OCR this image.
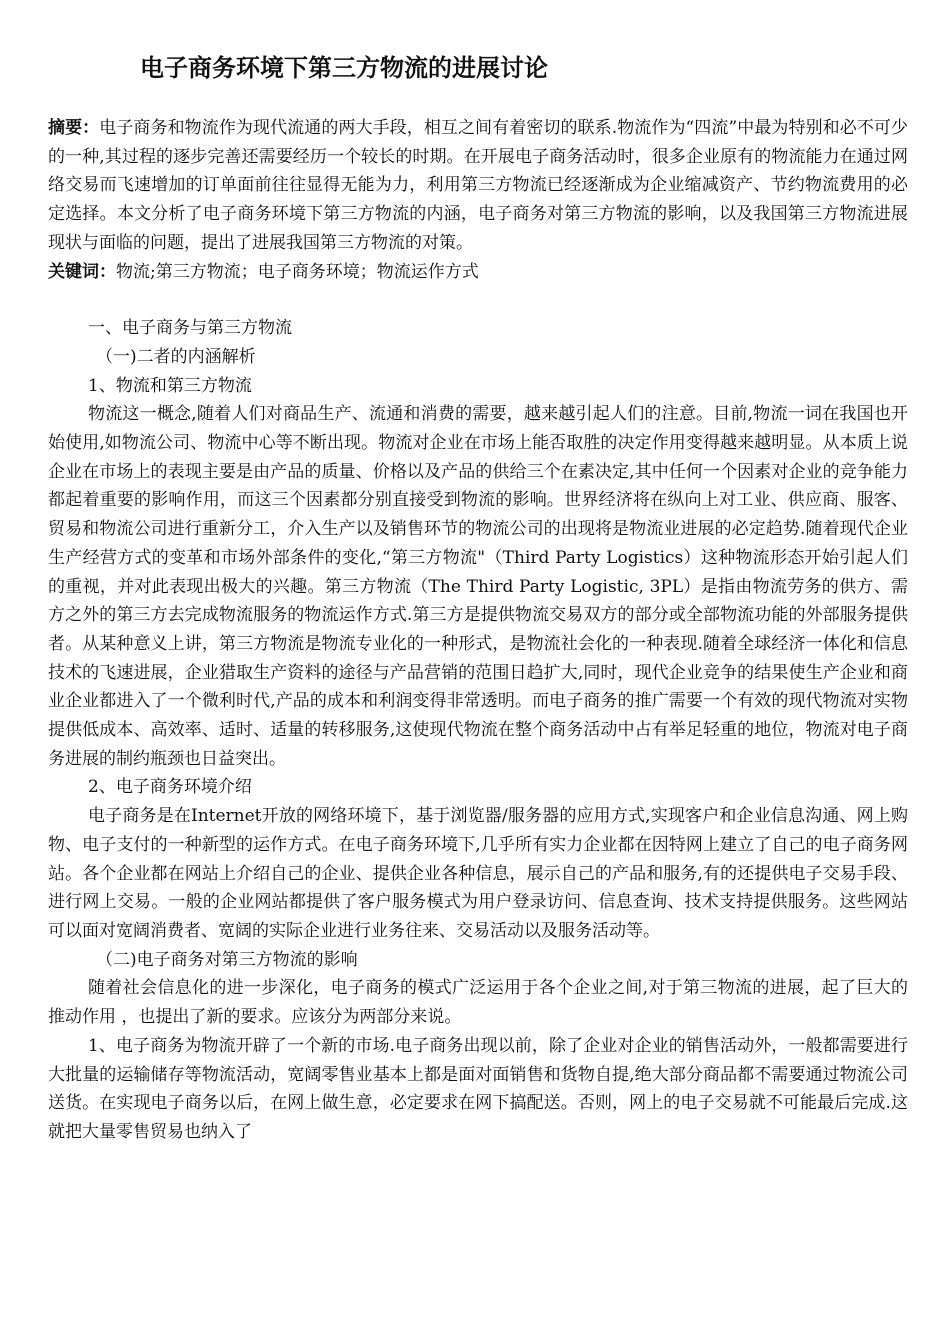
电子商务环境下第三方物流的进展讨论

摘要：电子商务和物流作为现代流通的两大手段，相互之间有着密切的联系.物流作为“四流”中最为特别和必不可少的一种,其过程的逐步完善还需要经历一个较长的时期。在开展电子商务活动时，很多企业原有的物流能力在通过网络交易而飞速增加的订单面前往往显得无能为力，利用第三方物流已经逐渐成为企业缩减资产、节约物流费用的必定选择。本文分析了电子商务环境下第三方物流的内涵，电子商务对第三方物流的影响，以及我国第三方物流进展现状与面临的问题，提出了进展我国第三方物流的对策。

关键词：物流;第三方物流；电子商务环境；物流运作方式

一、电子商务与第三方物流

（一)二者的内涵解析

1、物流和第三方物流

物流这一概念,随着人们对商品生产、流通和消费的需要，越来越引起人们的注意。目前,物流一词在我国也开始使用,如物流公司、物流中心等不断出现。物流对企业在市场上能否取胜的决定作用变得越来越明显。从本质上说企业在市场上的表现主要是由产品的质量、价格以及产品的供给三个在素决定,其中任何一个因素对企业的竞争能力都起着重要的影响作用，而这三个因素都分别直接受到物流的影响。世界经济将在纵向上对工业、供应商、服客、贸易和物流公司进行重新分工，介入生产以及销售环节的物流公司的出现将是物流业进展的必定趋势.随着现代企业生产经营方式的变革和市场外部条件的变化,“第三方物流"（Third Party Logistics）这种物流形态开始引起人们的重视，并对此表现出极大的兴趣。第三方物流（The Third Party Logistic, 3PL）是指由物流劳务的供方、需方之外的第三方去完成物流服务的物流运作方式.第三方是提供物流交易双方的部分或全部物流功能的外部服务提供者。从某种意义上讲，第三方物流是物流专业化的一种形式，是物流社会化的一种表现.随着全球经济一体化和信息技术的飞速进展，企业猎取生产资料的途径与产品营销的范围日趋扩大,同时，现代企业竞争的结果使生产企业和商业企业都进入了一个微利时代,产品的成本和利润变得非常透明。而电子商务的推广需要一个有效的现代物流对实物提供低成本、高效率、适时、适量的转移服务,这使现代物流在整个商务活动中占有举足轻重的地位，物流对电子商务进展的制约瓶颈也日益突出。

2、电子商务环境介绍

电子商务是在Internet开放的网络环境下，基于浏览器/服务器的应用方式,实现客户和企业信息沟通、网上购物、电子支付的一种新型的运作方式。在电子商务环境下,几乎所有实力企业都在因特网上建立了自己的电子商务网站。各个企业都在网站上介绍自己的企业、提供企业各种信息，展示自己的产品和服务,有的还提供电子交易手段、进行网上交易。一般的企业网站都提供了客户服务模式为用户登录访问、信息查询、技术支持提供服务。这些网站可以面对宽阔消费者、宽阔的实际企业进行业务往来、交易活动以及服务活动等。

（二)电子商务对第三方物流的影响

随着社会信息化的进一步深化，电子商务的模式广泛运用于各个企业之间,对于第三物流的进展，起了巨大的推动作用 ，也提出了新的要求。应该分为两部分来说。

1、电子商务为物流开辟了一个新的市场.电子商务出现以前，除了企业对企业的销售活动外，一般都需要进行大批量的运输储存等物流活动，宽阔零售业基本上都是面对面销售和货物自提,绝大部分商品都不需要通过物流公司送货。在实现电子商务以后，在网上做生意，必定要求在网下搞配送。否则，网上的电子交易就不可能最后完成.这就把大量零售贸易也纳入了
